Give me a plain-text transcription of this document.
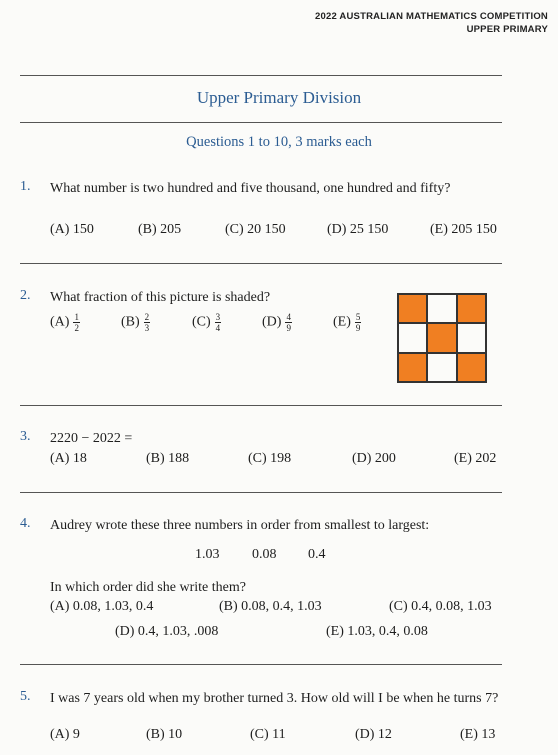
2022 AUSTRALIAN MATHEMATICS COMPETITION
UPPER PRIMARY
Upper Primary Division
Questions 1 to 10, 3 marks each
1. What number is two hundred and five thousand, one hundred and fifty?
(A) 150	(B) 205	(C) 20 150	(D) 25 150	(E) 205 150
2. What fraction of this picture is shaded?
$(A) \frac{1}{2}$	$(B) \frac{2}{3}$	$(C) \frac{3}{4}$	$(D) \frac{4}{9}$	$(E) \frac{5}{9}$
3. 2220 − 2022 =
(A) 18	(B) 188	(C) 198	(D) 200	(E) 202
4. Audrey wrote these three numbers in order from smallest to largest:
1.03 0.08 0.4
In which order did she write them?
(A) 0.08, 1.03, 0.4	(B) 0.08, 0.4, 1.03	(C) 0.4, 0.08, 1.03
(D) 0.4, 1.03, .008	(E) 1.03, 0.4, 0.08
5. I was 7 years old when my brother turned 3. How old will I be when he turns 7?
(A) 9	(B) 10	(C) 11	(D) 12	(E) 13
